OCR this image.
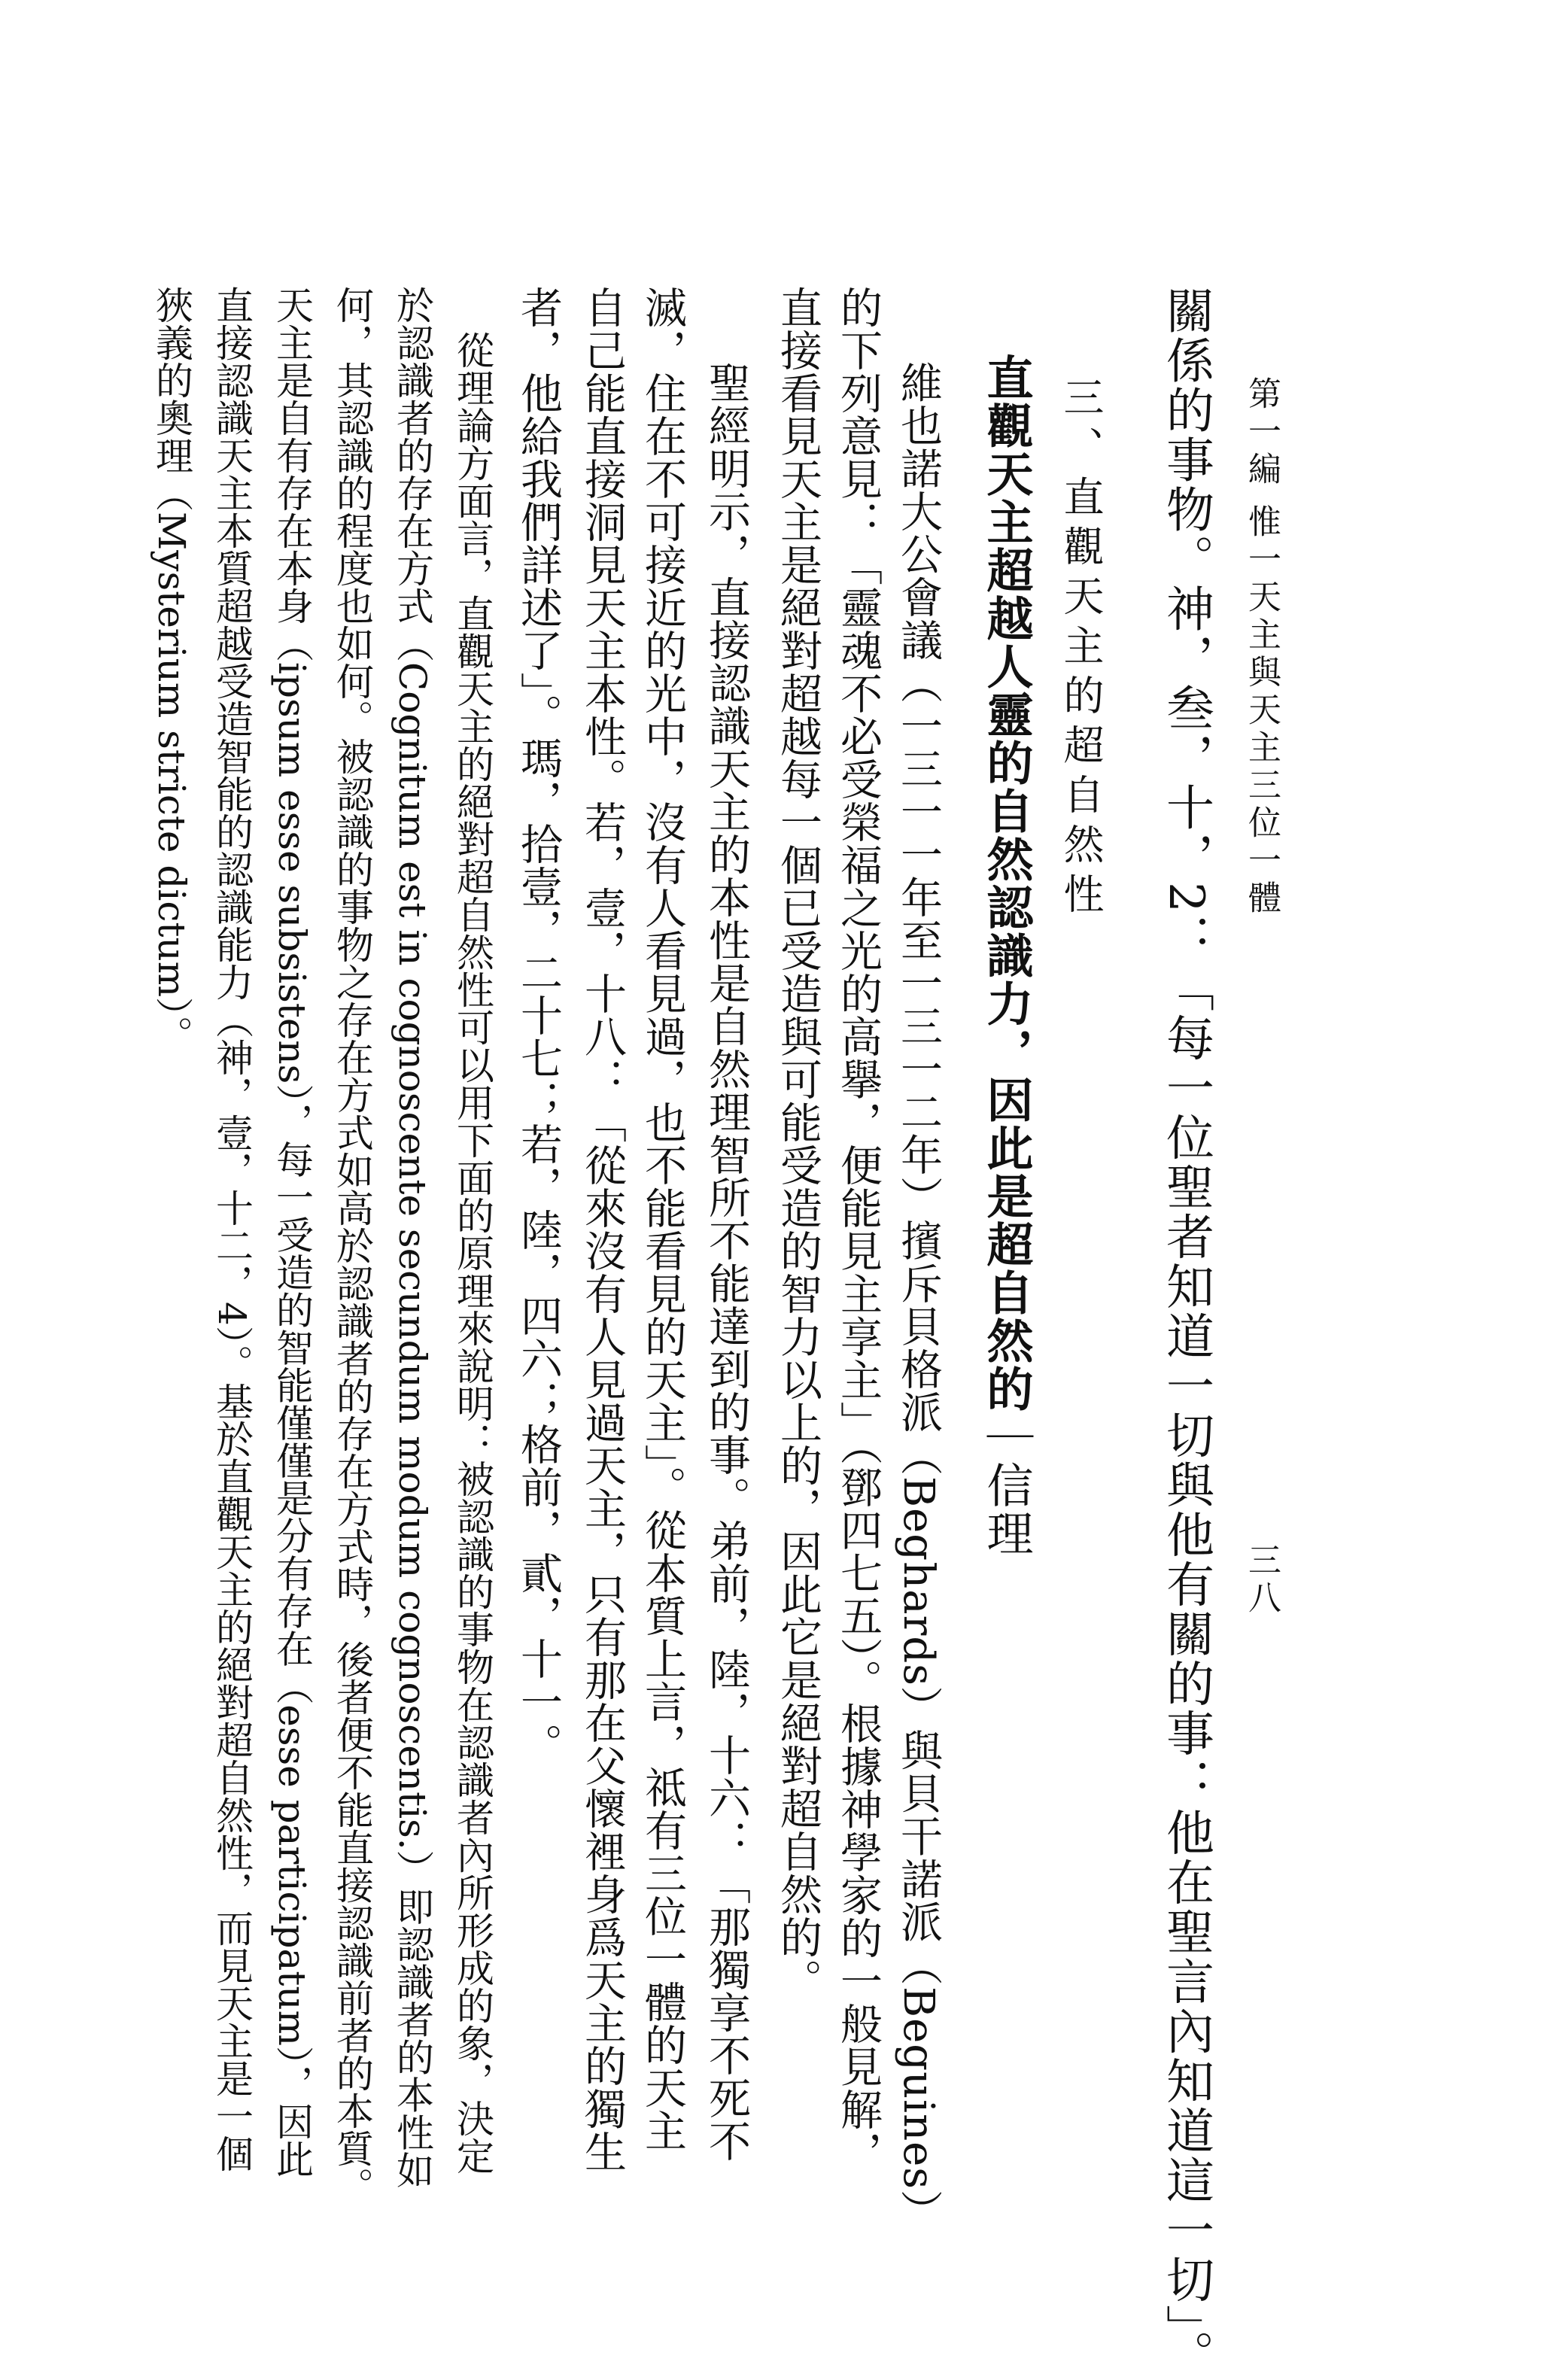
第一編 惟一天主與天主三位一體
三八
關係的事物。神，叁，十，2：「每一位聖者知道一切與他有關的事：他在聖言內知道這一切」。
三、直觀天主的超自然性
直觀天主超越人靈的自然認識力，因此是超自然的｜信理
維也諾大公會議（一三一一年至一三一二年）擯斥貝格派（Beghards）與貝干諾派（Beguines）
的下列意見：「靈魂不必受榮福之光的高擧，便能見主享主」（鄧四七五）。根據神學家的一般見解，
直接看見天主是絕對超越每一個已受造與可能受造的智力以上的，因此它是絕對超自然的。
聖經明示，直接認識天主的本性是自然理智所不能達到的事。弟前，陸，十六：「那獨享不死不
滅，住在不可接近的光中，沒有人看見過，也不能看見的天主」。從本質上言，祗有三位一體的天主
自己能直接洞見天主本性。若，壹，十八：「從來沒有人見過天主，只有那在父懷裡身爲天主的獨生
者，他給我們詳述了」。瑪，拾壹，二十七；若，陸，四六；格前，貳，十一。
從理論方面言，直觀天主的絕對超自然性可以用下面的原理來說明：被認識的事物在認識者內所形成的象，決定
於認識者的存在方式（Cognitum est in cognoscente secundum modum cognoscentis.）即認識者的本性如
何，其認識的程度也如何。被認識的事物之存在方式如高於認識者的存在方式時，後者便不能直接認識前者的本質。
天主是自有存在本身（ipsum esse subsistens），每一受造的智能僅僅是分有存在（esse participatum），因此
直接認識天主本質超越受造智能的認識能力（神，壹，十二，4）。基於直觀天主的絕對超自然性，而見天主是一個
狹義的奧理（Mysterium stricte dictum）。
